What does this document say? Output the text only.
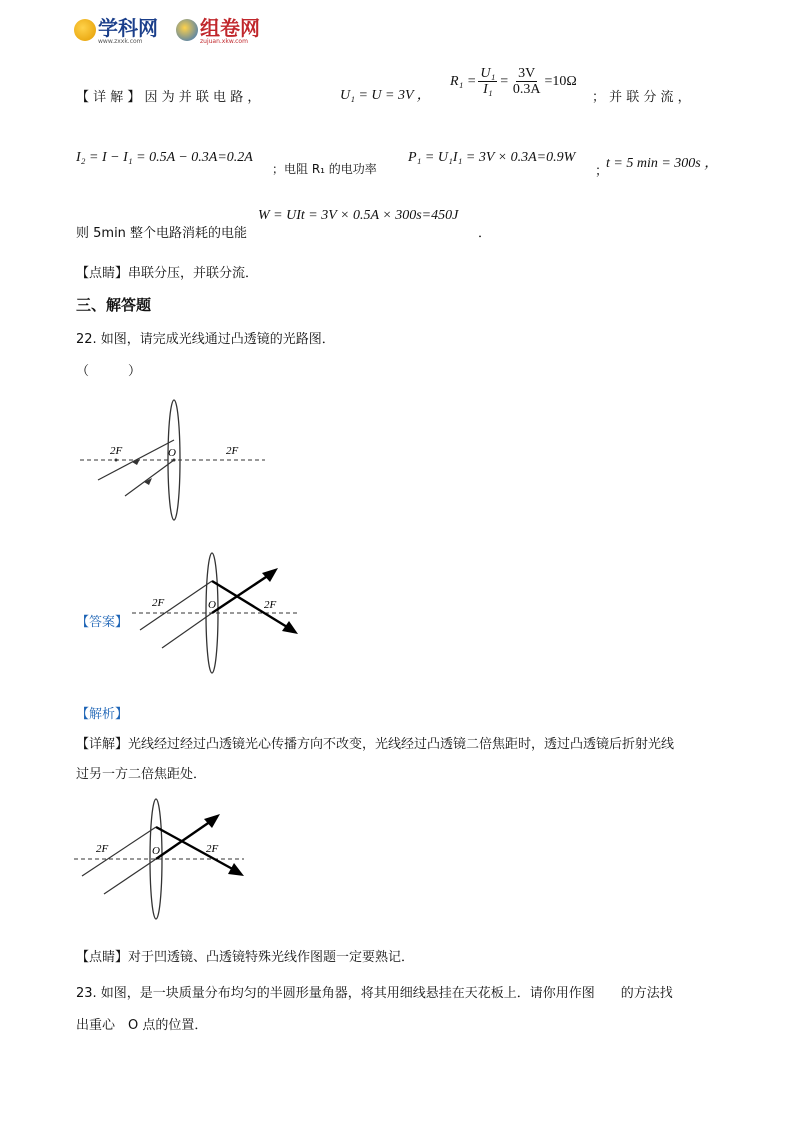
学科网
www.zxxk.com
组卷网
zujuan.xkw.com
【 详 解 】 因 为 并 联 电 路 ，	U₁ = U = 3V ，
$R_1 = \frac{\text{U₁}}{\text{I₁}} = \frac{3V}{0.3A} =10\Omega$
； 并 联 分 流 ，
I₂ = I − I₁ = 0.5A − 0.3A=0.2A
；电阻 R₁ 的电功率
P₁ = U₁I₁ = 3V × 0.3A=0.9W
；
t = 5 min = 300s ，
则 5min 整个电路消耗的电能
W = UIt = 3V × 0.5A × 300s=450J
．
【点睛】串联分压，并联分流．
三、解答题
22. 如图，请完成光线通过凸透镜的光路图．
（　　　）
2F	O	2F
【答案】
2F	O	2F
【解析】
【详解】光线经过经过凸透镜光心传播方向不改变，光线经过凸透镜二倍焦距时，透过凸透镜后折射光线
过另一方二倍焦距处．
2F	O	2F
【点睛】对于凹透镜、凸透镜特殊光线作图题一定要熟记．
23. 如图，是一块质量分布均匀的半圆形量角器，将其用细线悬挂在天花板上．请你用作图　　的方法找
出重心　O 点的位置．
